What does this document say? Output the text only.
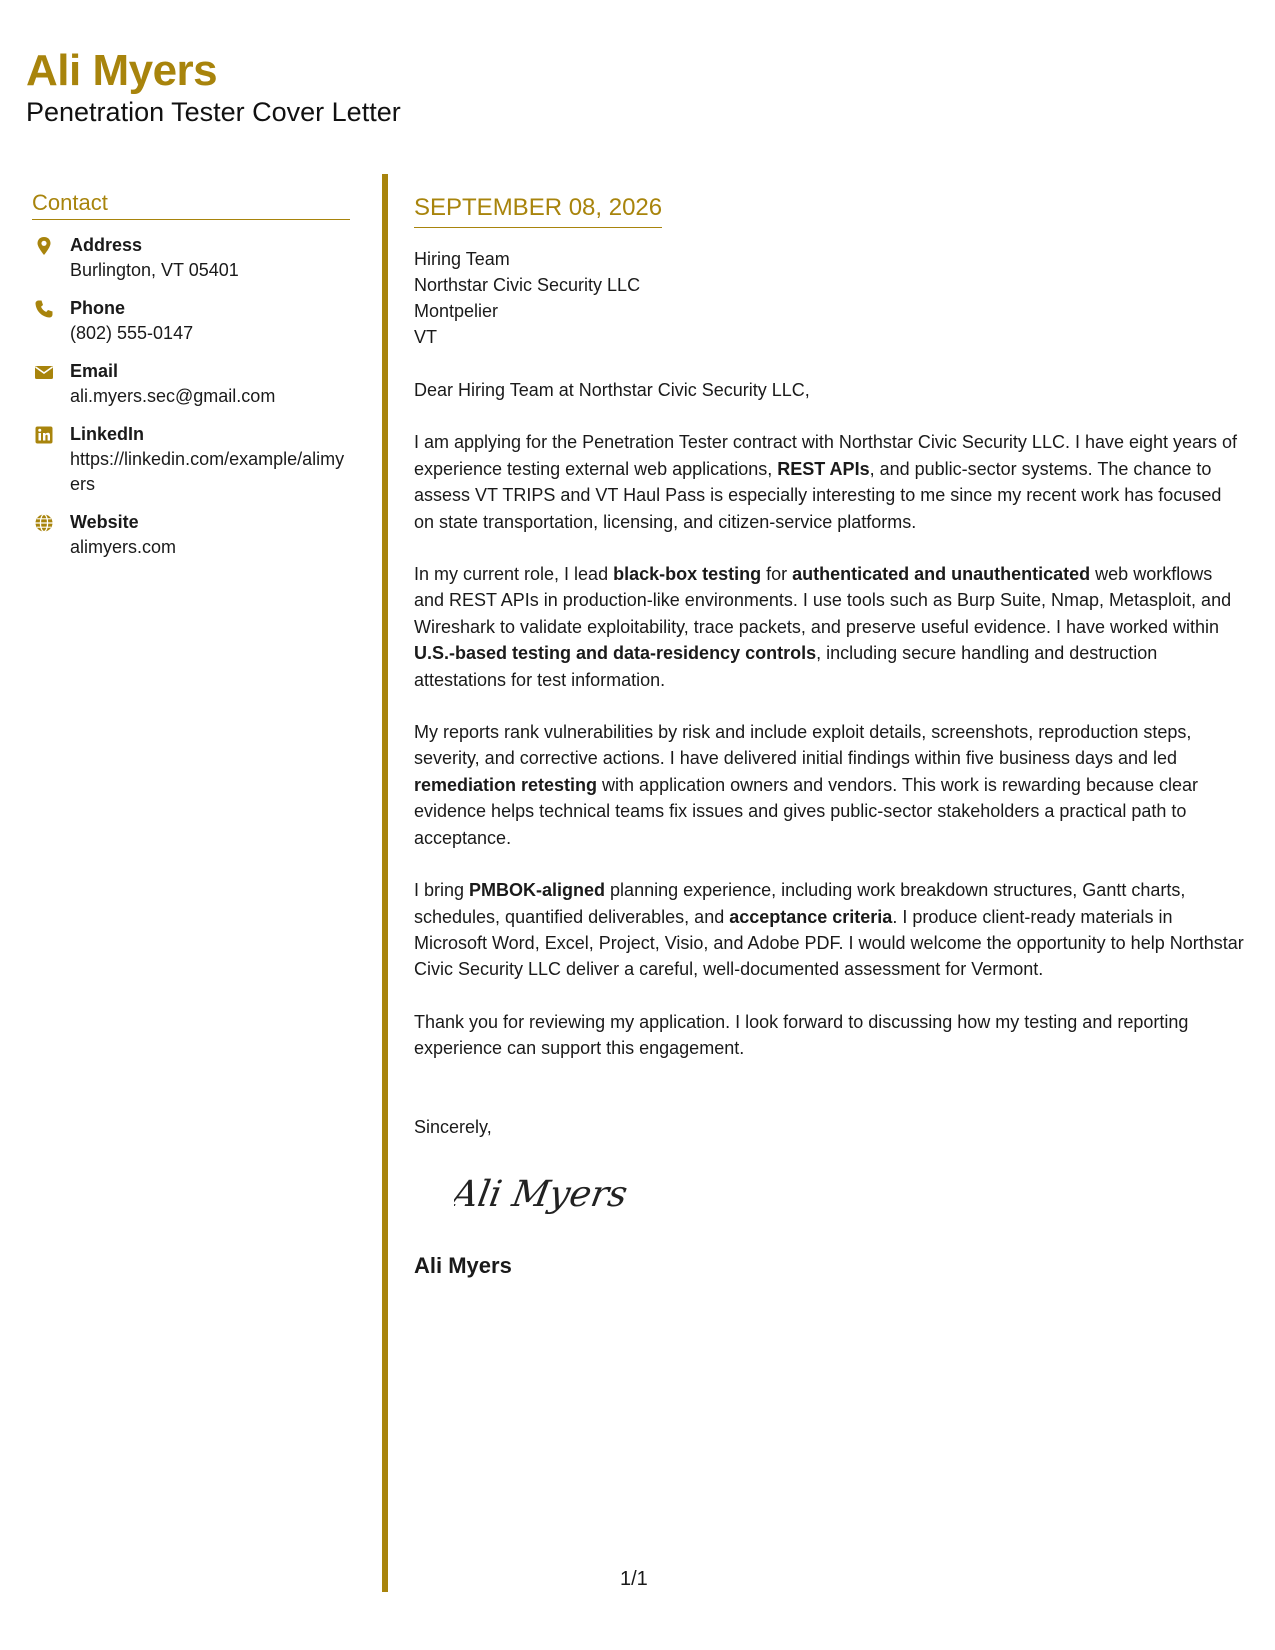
Ali Myers
Penetration Tester Cover Letter
Contact
Address
Burlington, VT 05401
Phone
(802) 555-0147
Email
ali.myers.sec@gmail.com
LinkedIn
https://linkedin.com/example/alimyers
Website
alimyers.com
SEPTEMBER 08, 2026
Hiring Team
Northstar Civic Security LLC
Montpelier
VT
Dear Hiring Team at Northstar Civic Security LLC,

I am applying for the Penetration Tester contract with Northstar Civic Security LLC. I have eight years of experience testing external web applications, REST APIs, and public-sector systems. The chance to assess VT TRIPS and VT Haul Pass is especially interesting to me since my recent work has focused on state transportation, licensing, and citizen-service platforms.

In my current role, I lead black-box testing for authenticated and unauthenticated web workflows and REST APIs in production-like environments. I use tools such as Burp Suite, Nmap, Metasploit, and Wireshark to validate exploitability, trace packets, and preserve useful evidence. I have worked within U.S.-based testing and data-residency controls, including secure handling and destruction attestations for test information.

My reports rank vulnerabilities by risk and include exploit details, screenshots, reproduction steps, severity, and corrective actions. I have delivered initial findings within five business days and led remediation retesting with application owners and vendors. This work is rewarding because clear evidence helps technical teams fix issues and gives public-sector stakeholders a practical path to acceptance.

I bring PMBOK-aligned planning experience, including work breakdown structures, Gantt charts, schedules, quantified deliverables, and acceptance criteria. I produce client-ready materials in Microsoft Word, Excel, Project, Visio, and Adobe PDF. I would welcome the opportunity to help Northstar Civic Security LLC deliver a careful, well-documented assessment for Vermont.

Thank you for reviewing my application. I look forward to discussing how my testing and reporting experience can support this engagement.

Sincerely,
Ali Myers
Ali Myers
1/1
